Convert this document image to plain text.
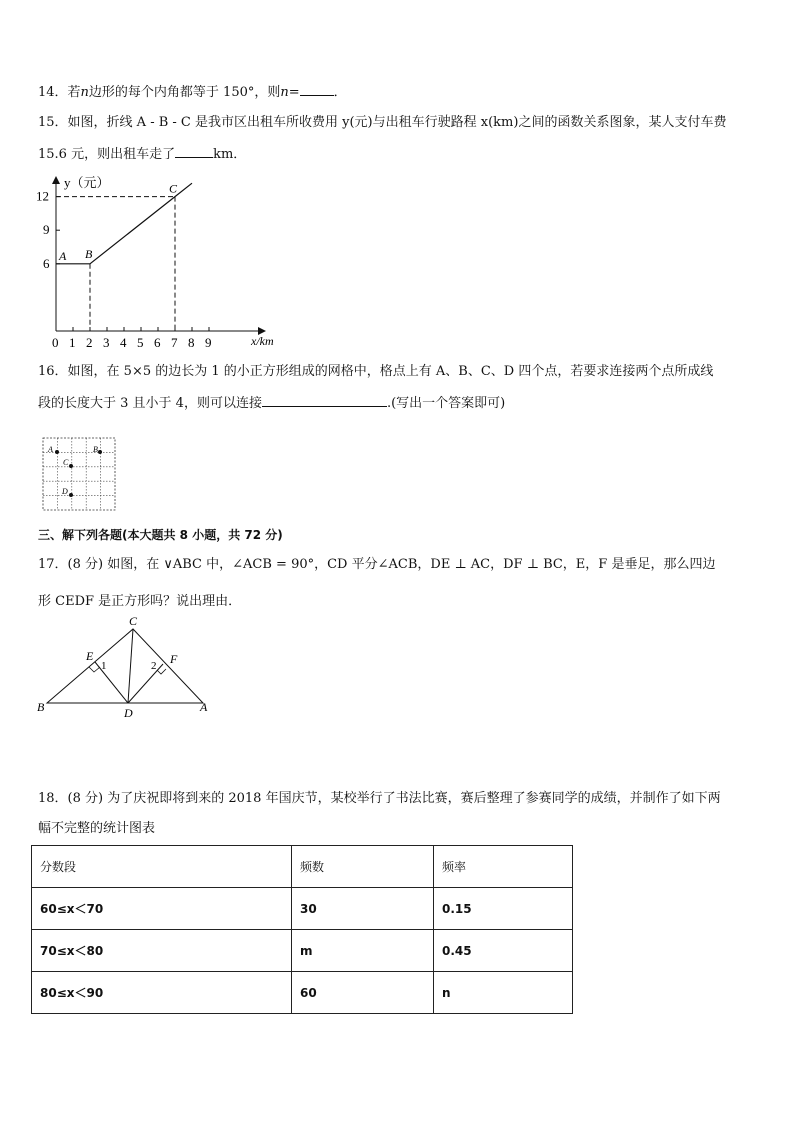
14．若n边形的每个内角都等于 150°，则n=	．
15．如图，折线 A - B - C 是我市区出租车所收费用 y(元)与出租车行驶路程 x(km)之间的函数关系图象，某人支付车费
15.6 元，则出租车走了	km．
y（元）
x/km
0 1 2 3 4 5 6 7 8 9
6
9
12
A B
C
16．如图，在 5×5 的边长为 1 的小正方形组成的网格中，格点上有 A、B、C、D 四个点，若要求连接两个点所成线
段的长度大于 3 且小于 4，则可以连接	.(写出一个答案即可)
A	B
C
D
三、解下列各题(本大题共 8 小题，共 72 分)
17．(8 分) 如图，在 ∨ABC 中，∠ACB = 90°，CD 平分∠ACB，DE ⊥ AC，DF ⊥ BC，E，F 是垂足，那么四边
形 CEDF 是正方形吗？说出理由．
C
E
1	2 F
B	D	A
18．(8 分) 为了庆祝即将到来的 2018 年国庆节，某校举行了书法比赛，赛后整理了参赛同学的成绩，并制作了如下两
幅不完整的统计图表
分数段	频数	频率
60≤x＜70	30	0.15
70≤x＜80	m	0.45
80≤x＜90	60	n
